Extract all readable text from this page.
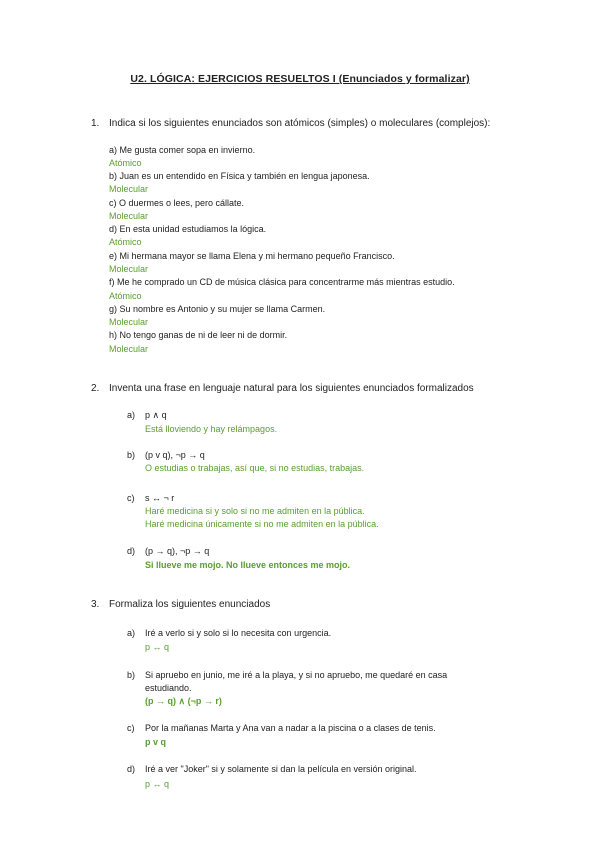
U2. LÓGICA: EJERCICIOS RESUELTOS I (Enunciados y formalizar)
1. Indica si los siguientes enunciados son atómicos (simples) o moleculares (complejos):
a) Me gusta comer sopa en invierno.
Atómico
b) Juan es un entendido en Física y también en lengua japonesa.
Molecular
c) O duermes o lees, pero cállate.
Molecular
d) En esta unidad estudiamos la lógica.
Atómico
e) Mi hermana mayor se llama Elena y mi hermano pequeño Francisco.
Molecular
f) Me he comprado un CD de música clásica para concentrarme más mientras estudio.
Atómico
g) Su nombre es Antonio y su mujer se llama Carmen.
Molecular
h) No tengo ganas de ni de leer ni de dormir.
Molecular
2. Inventa una frase en lenguaje natural para los siguientes enunciados formalizados
a) p ∧ q
Está lloviendo y hay relámpagos.
b) (p v q), ¬p → q
O estudias o trabajas, así que, si no estudias, trabajas.
c) s ↔ ¬ r
Haré medicina si y solo si no me admiten en la pública.
Haré medicina únicamente si no me admiten en la pública.
d) (p → q), ¬p → q
Si llueve me mojo. No llueve entonces me mojo.
3. Formaliza los siguientes enunciados
a) Iré a verlo si y solo si lo necesita con urgencia.
p ↔ q
b) Si apruebo en junio, me iré a la playa, y si no apruebo, me quedaré en casa
estudiando.
(p → q) ∧ (¬p → r)
c) Por la mañanas Marta y Ana van a nadar a la piscina o a clases de tenis.
p v q
d) Iré a ver "Joker" si y solamente si dan la película en versión original.
p ↔ q
